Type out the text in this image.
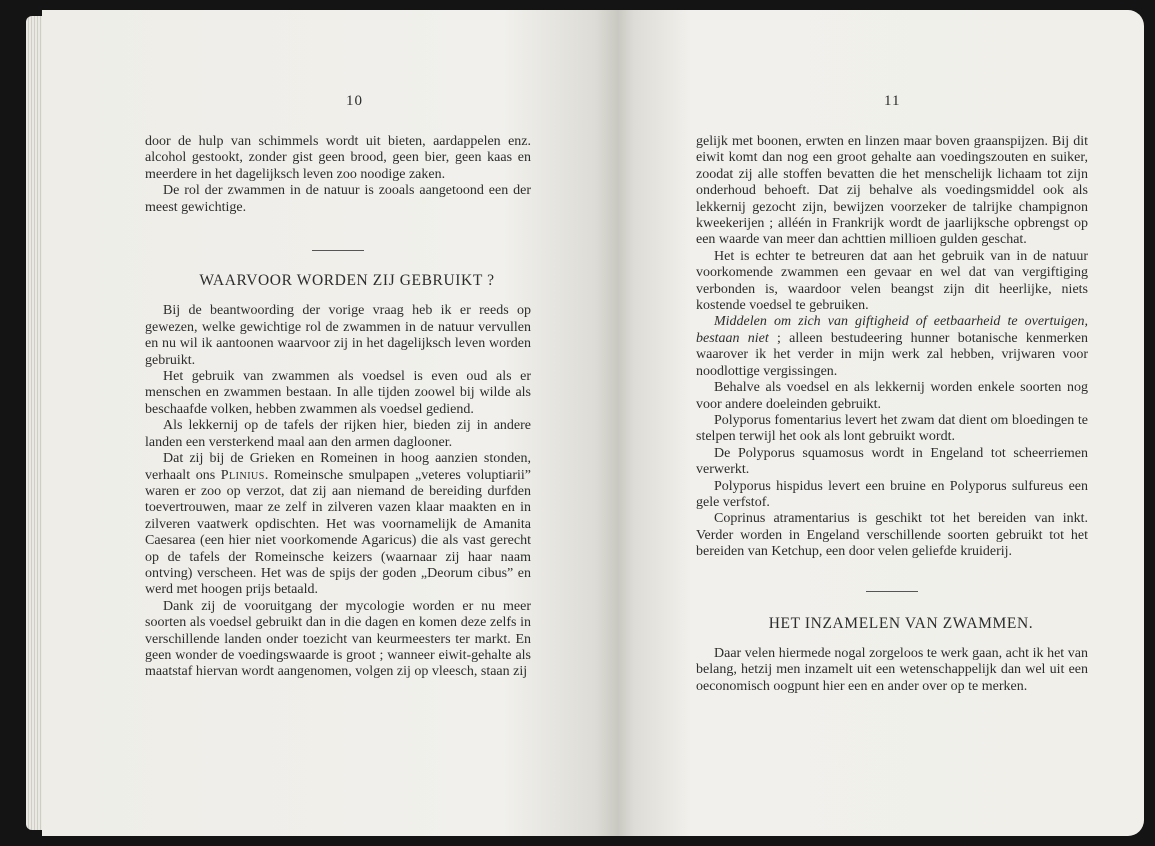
10

door de hulp van schimmels wordt uit bieten, aardappelen enz. alcohol gestookt, zonder gist geen brood, geen bier, geen kaas en meerdere in het dagelijksch leven zoo noodige zaken.

De rol der zwammen in de natuur is zooals aangetoond een der meest gewichtige.

WAARVOOR WORDEN ZIJ GEBRUIKT ?

Bij de beantwoording der vorige vraag heb ik er reeds op gewezen, welke gewichtige rol de zwammen in de natuur vervullen en nu wil ik aantoonen waarvoor zij in het dagelijksch leven worden gebruikt.

Het gebruik van zwammen als voedsel is even oud als er menschen en zwammen bestaan. In alle tijden zoowel bij wilde als beschaafde volken, hebben zwammen als voedsel gediend.

Als lekkernij op de tafels der rijken hier, bieden zij in andere landen een versterkend maal aan den armen daglooner.

Dat zij bij de Grieken en Romeinen in hoog aanzien stonden, verhaalt ons Plinius. Romeinsche smulpapen „veteres voluptiarii” waren er zoo op verzot, dat zij aan niemand de bereiding durfden toevertrouwen, maar ze zelf in zilveren vazen klaar maakten en in zilveren vaatwerk opdischten. Het was voornamelijk de Amanita Caesarea (een hier niet voorkomende Agaricus) die als vast gerecht op de tafels der Romeinsche keizers (waarnaar zij haar naam ontving) verscheen. Het was de spijs der goden „Deorum cibus” en werd met hoogen prijs betaald.

Dank zij de vooruitgang der mycologie worden er nu meer soorten als voedsel gebruikt dan in die dagen en komen deze zelfs in verschillende landen onder toezicht van keurmeesters ter markt. En geen wonder de voedingswaarde is groot ; wanneer eiwit-gehalte als maatstaf hiervan wordt aangenomen, volgen zij op vleesch, staan zij

11

gelijk met boonen, erwten en linzen maar boven graanspijzen. Bij dit eiwit komt dan nog een groot gehalte aan voedingszouten en suiker, zoodat zij alle stoffen bevatten die het menschelijk lichaam tot zijn onderhoud behoeft. Dat zij behalve als voedingsmiddel ook als lekkernij gezocht zijn, bewijzen voorzeker de talrijke champignon kweekerijen ; alléén in Frankrijk wordt de jaarlijksche opbrengst op een waarde van meer dan achttien millioen gulden geschat.

Het is echter te betreuren dat aan het gebruik van in de natuur voorkomende zwammen een gevaar en wel dat van vergiftiging verbonden is, waardoor velen beangst zijn dit heerlijke, niets kostende voedsel te gebruiken.

Middelen om zich van giftigheid of eetbaarheid te overtuigen, bestaan niet ; alleen bestudeering hunner botanische kenmerken waarover ik het verder in mijn werk zal hebben, vrijwaren voor noodlottige vergissingen.

Behalve als voedsel en als lekkernij worden enkele soorten nog voor andere doeleinden gebruikt.

Polyporus fomentarius levert het zwam dat dient om bloedingen te stelpen terwijl het ook als lont gebruikt wordt.

De Polyporus squamosus wordt in Engeland tot scheerriemen verwerkt.

Polyporus hispidus levert een bruine en Polyporus sulfureus een gele verfstof.

Coprinus atramentarius is geschikt tot het bereiden van inkt. Verder worden in Engeland verschillende soorten gebruikt tot het bereiden van Ketchup, een door velen geliefde kruiderij.

HET INZAMELEN VAN ZWAMMEN.

Daar velen hiermede nogal zorgeloos te werk gaan, acht ik het van belang, hetzij men inzamelt uit een wetenschappelijk dan wel uit een oeconomisch oogpunt hier een en ander over op te merken.
